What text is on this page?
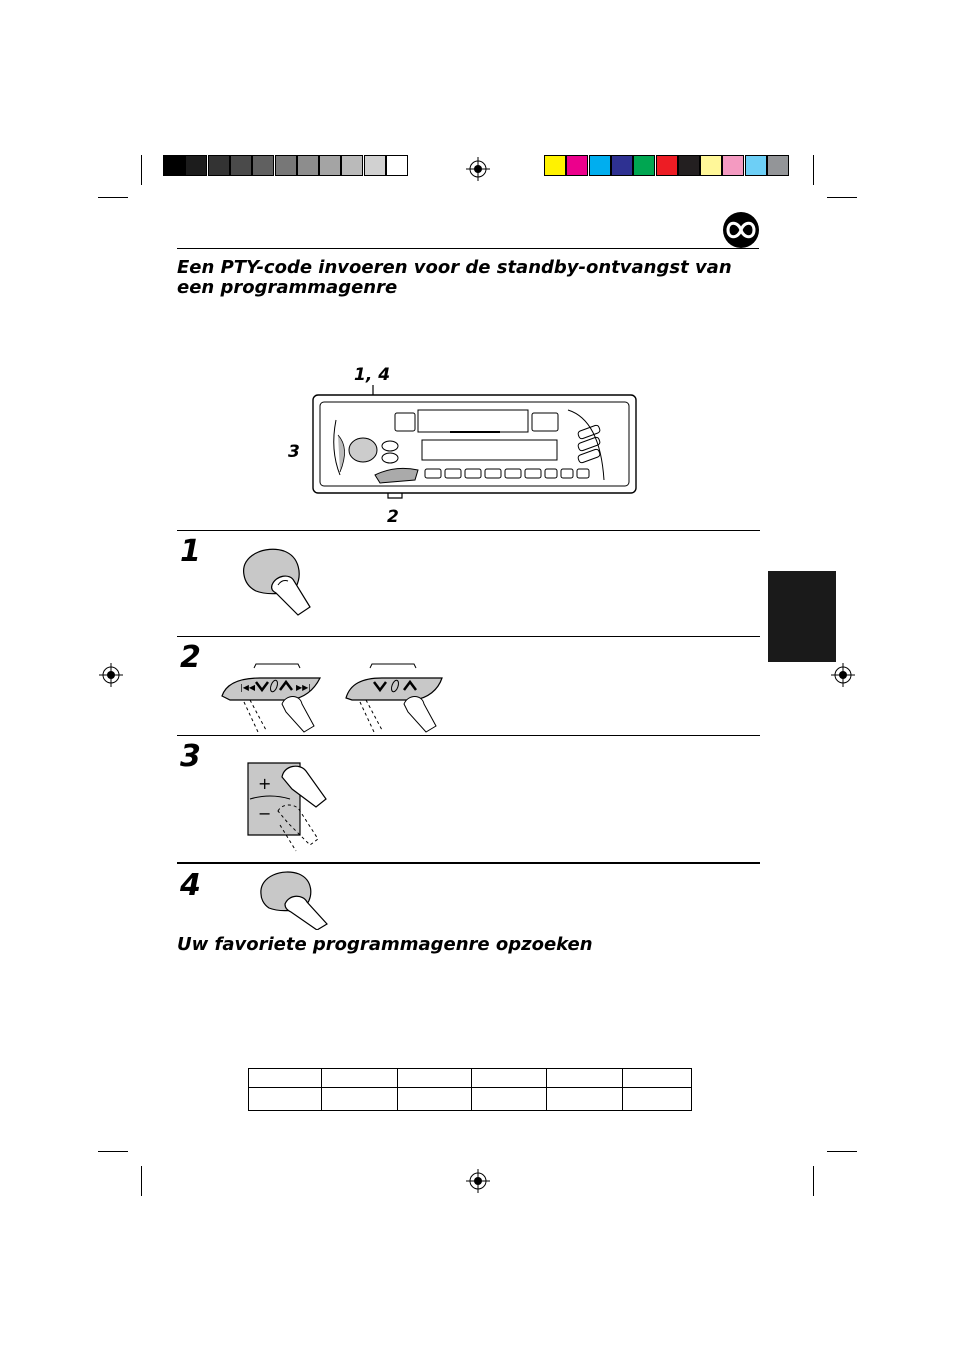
Een PTY-code invoeren voor de standby-ontvangst van
een programmagenre
1, 4
3
2
1
2
|◀◀	▶▶|
3
+
−
4
Uw favoriete programmagenre opzoeken
